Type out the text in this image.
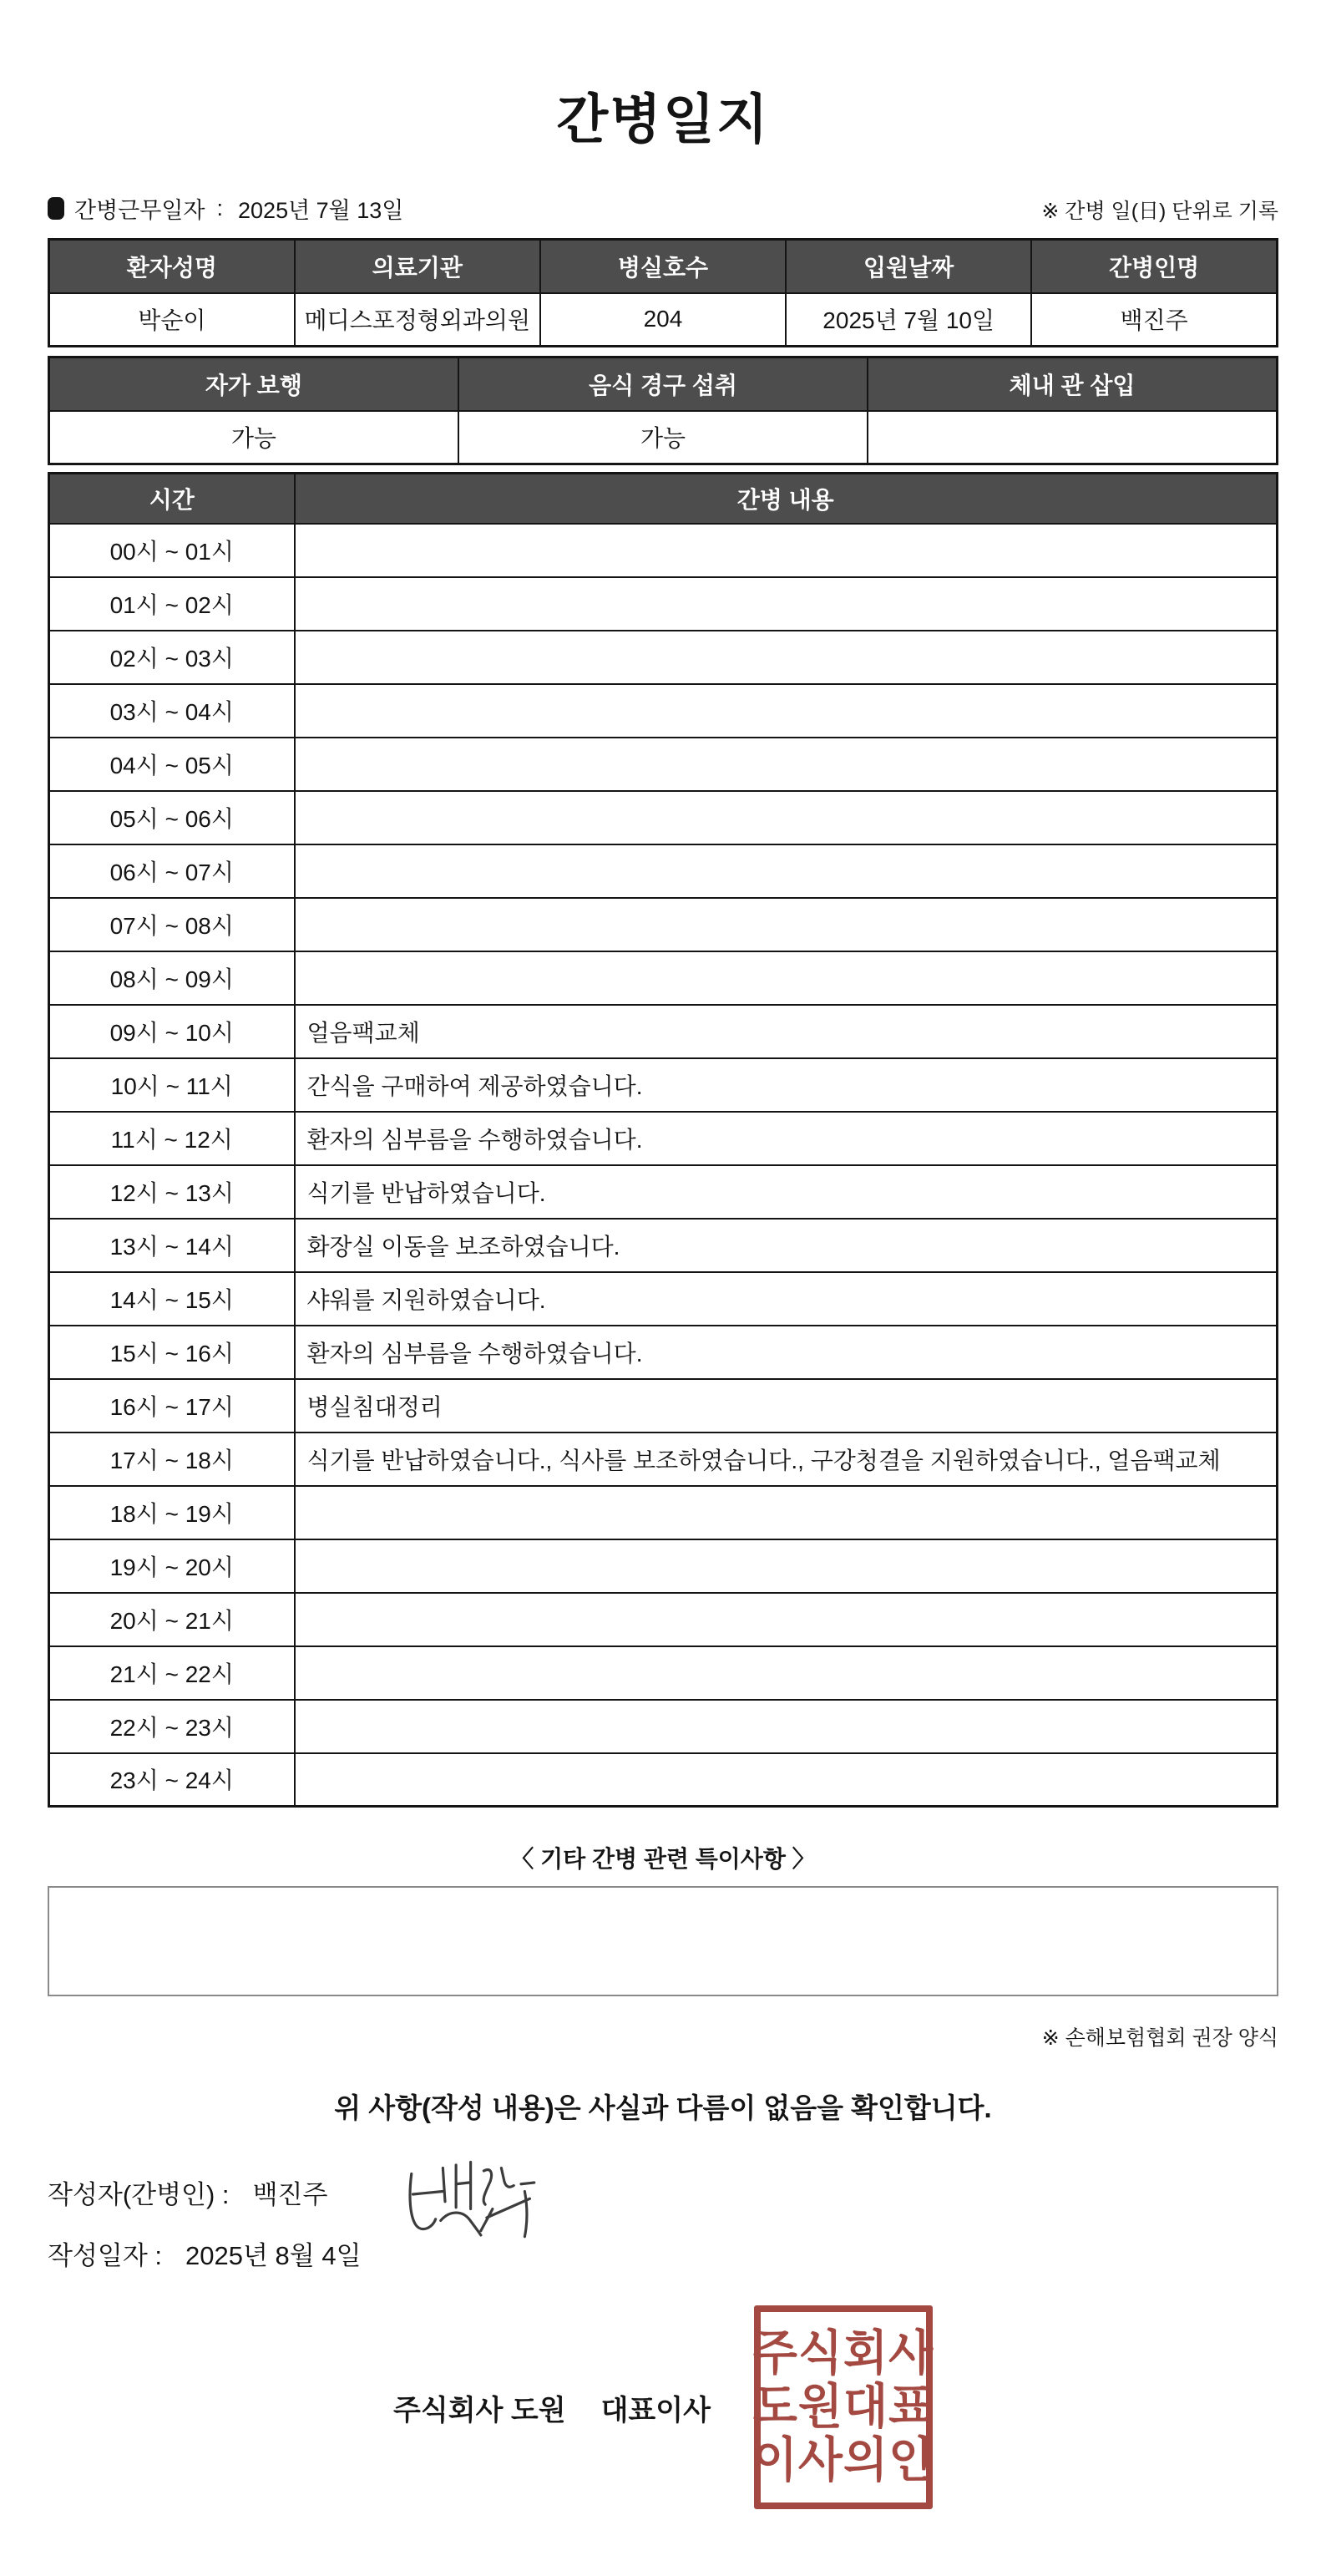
간병일지
간병근무일자 : 2025년 7월 13일	※ 간병 일(日) 단위로 기록
환자성명	의료기관	병실호수	입원날짜	간병인명
박순이	메디스포정형외과의원	204	2025년 7월 10일	백진주
자가 보행	음식 경구 섭취	체내 관 삽입
가능	가능	
시간	간병 내용
00시 ~ 01시	
01시 ~ 02시	
02시 ~ 03시	
03시 ~ 04시	
04시 ~ 05시	
05시 ~ 06시	
06시 ~ 07시	
07시 ~ 08시	
08시 ~ 09시	
09시 ~ 10시	얼음팩교체
10시 ~ 11시	간식을 구매하여 제공하였습니다.
11시 ~ 12시	환자의 심부름을 수행하였습니다.
12시 ~ 13시	식기를 반납하였습니다.
13시 ~ 14시	화장실 이동을 보조하였습니다.
14시 ~ 15시	샤워를 지원하였습니다.
15시 ~ 16시	환자의 심부름을 수행하였습니다.
16시 ~ 17시	병실침대정리
17시 ~ 18시	식기를 반납하였습니다., 식사를 보조하였습니다., 구강청결을 지원하였습니다., 얼음팩교체
18시 ~ 19시	
19시 ~ 20시	
20시 ~ 21시	
21시 ~ 22시	
22시 ~ 23시	
23시 ~ 24시	
〈 기타 간병 관련 특이사항 〉
※ 손해보험협회 권장 양식
위 사항(작성 내용)은 사실과 다름이 없음을 확인합니다.
작성자(간병인) : 백진주
작성일자 : 2025년 8월 4일
주식회사 도원 대표이사
주식회사
도원대표
이사의인
